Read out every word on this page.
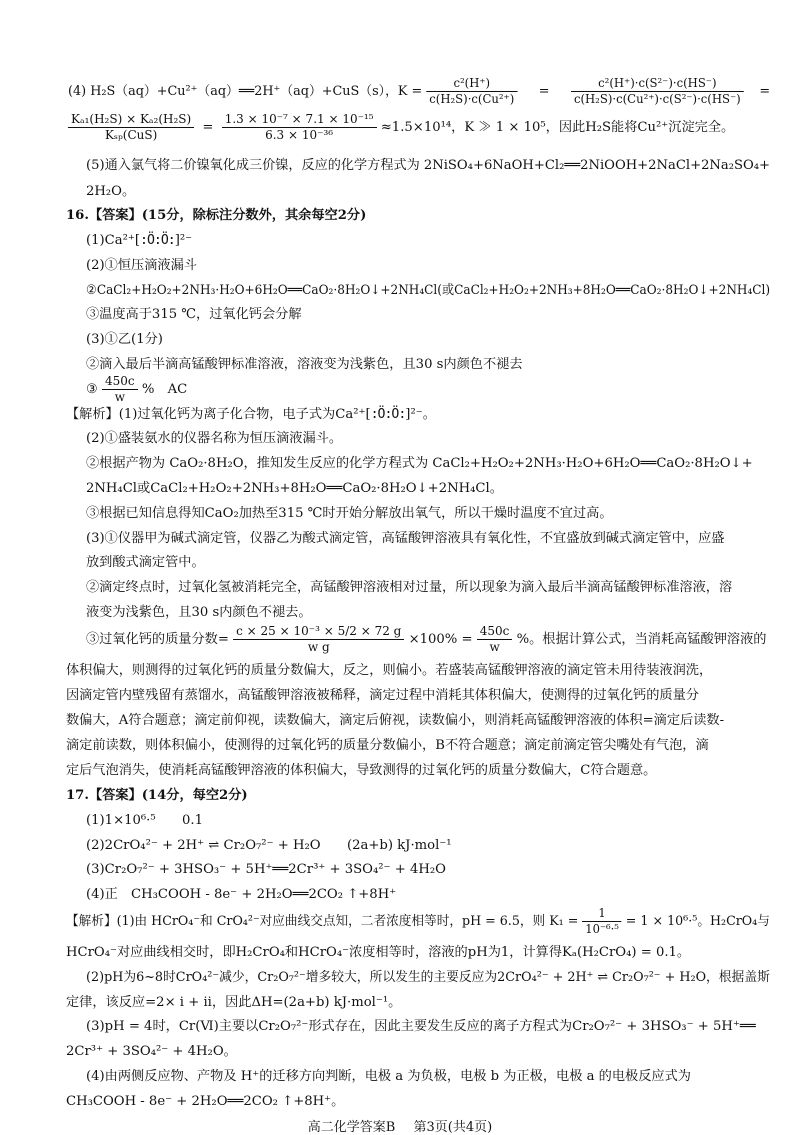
(4) H₂S（aq）+Cu²⁺（aq）══2H⁺（aq）+CuS（s），$K = \frac{\text{c²(H⁺)}}{\text{c(H₂S)·c(Cu²⁺)}} = \frac{\text{c²(H⁺)·c(S²⁻)·c(HS⁻)}}{\text{c(H₂S)·c(Cu²⁺)·c(S²⁻)·c(HS⁻)}}$ =
$\frac{\text{Kₐ₁(H₂S) × Kₐ₂(H₂S)}}{\text{Kₛₚ(CuS)}} = \frac{\text{1.3 × 10⁻⁷ × 7.1 × 10⁻¹⁵}}{\text{6.3 × 10⁻³⁶}} \approx 1.5\times 10^{14}$，K ≫ 1 × 10⁵，因此H₂S能将Cu²⁺沉淀完全。
(5)通入氯气将二价镍氧化成三价镍，反应的化学方程式为 2NiSO₄+6NaOH+Cl₂══2NiOOH+2NaCl+2Na₂SO₄+
2H₂O。
16.【答案】(15分，除标注分数外，其余每空2分)
(1)Ca²⁺[:Ö:Ö:]²⁻
(2)①恒压滴液漏斗
②CaCl₂+H₂O₂+2NH₃·H₂O+6H₂O══CaO₂·8H₂O↓+2NH₄Cl(或CaCl₂+H₂O₂+2NH₃+8H₂O══CaO₂·8H₂O↓+2NH₄Cl)
③温度高于315 ℃，过氧化钙会分解
(3)①乙(1分)
②滴入最后半滴高锰酸钾标准溶液，溶液变为浅紫色，且30 s内颜色不褪去
③ $\frac{450c}{w}$ %　AC
【解析】(1)过氧化钙为离子化合物，电子式为Ca²⁺[:Ö:Ö:]²⁻。
(2)①盛装氨水的仪器名称为恒压滴液漏斗。
②根据产物为 CaO₂·8H₂O，推知发生反应的化学方程式为 CaCl₂+H₂O₂+2NH₃·H₂O+6H₂O══CaO₂·8H₂O↓+
2NH₄Cl或CaCl₂+H₂O₂+2NH₃+8H₂O══CaO₂·8H₂O↓+2NH₄Cl。
③根据已知信息得知CaO₂加热至315 ℃时开始分解放出氧气，所以干燥时温度不宜过高。
(3)①仪器甲为碱式滴定管，仪器乙为酸式滴定管，高锰酸钾溶液具有氧化性，不宜盛放到碱式滴定管中，应盛
放到酸式滴定管中。
②滴定终点时，过氧化氢被消耗完全，高锰酸钾溶液相对过量，所以现象为滴入最后半滴高锰酸钾标准溶液，溶
液变为浅紫色，且30 s内颜色不褪去。
③过氧化钙的质量分数= $\frac{\text{c × 25 × 10⁻³ × 5/2 × 72 g}}{\text{w g}} \times 100\% = \frac{450c}{w}$ %。根据计算公式，当消耗高锰酸钾溶液的
体积偏大，则测得的过氧化钙的质量分数偏大，反之，则偏小。若盛装高锰酸钾溶液的滴定管未用待装液润洗，
因滴定管内壁残留有蒸馏水，高锰酸钾溶液被稀释，滴定过程中消耗其体积偏大，使测得的过氧化钙的质量分
数偏大，A符合题意；滴定前仰视，读数偏大，滴定后俯视，读数偏小，则消耗高锰酸钾溶液的体积=滴定后读数-
滴定前读数，则体积偏小，使测得的过氧化钙的质量分数偏小，B不符合题意；滴定前滴定管尖嘴处有气泡，滴
定后气泡消失，使消耗高锰酸钾溶液的体积偏大，导致测得的过氧化钙的质量分数偏大，C符合题意。
17.【答案】(14分，每空2分)
(1)1×10⁶·⁵　　0.1
(2)2CrO₄²⁻ + 2H⁺ ⇌ Cr₂O₇²⁻ + H₂O　　(2a+b) kJ·mol⁻¹
(3)Cr₂O₇²⁻ + 3HSO₃⁻ + 5H⁺══2Cr³⁺ + 3SO₄²⁻ + 4H₂O
(4)正　CH₃COOH - 8e⁻ + 2H₂O══2CO₂ ↑+8H⁺
【解析】(1)由 HCrO₄⁻和 CrO₄²⁻对应曲线交点知，二者浓度相等时，pH = 6.5，则 $K_1 = \frac{1}{\text{10⁻⁶·⁵}} = 1 \times 10^6\cdot^5$。H₂CrO₄与
HCrO₄⁻对应曲线相交时，即H₂CrO₄和HCrO₄⁻浓度相等时，溶液的pH为1，计算得Kₐ(H₂CrO₄) = 0.1。
(2)pH为6~8时CrO₄²⁻减少，Cr₂O₇²⁻增多较大，所以发生的主要反应为2CrO₄²⁻ + 2H⁺ ⇌ Cr₂O₇²⁻ + H₂O，根据盖斯
定律，该反应=2× i + ii，因此ΔH=(2a+b) kJ·mol⁻¹。
(3)pH = 4时，Cr(Ⅵ)主要以Cr₂O₇²⁻形式存在，因此主要发生反应的离子方程式为Cr₂O₇²⁻ + 3HSO₃⁻ + 5H⁺══
2Cr³⁺ + 3SO₄²⁻ + 4H₂O。
(4)由两侧反应物、产物及 H⁺的迁移方向判断，电极 a 为负极，电极 b 为正极，电极 a 的电极反应式为
CH₃COOH - 8e⁻ + 2H₂O══2CO₂ ↑+8H⁺。
高二化学答案B 第3页(共4页)
